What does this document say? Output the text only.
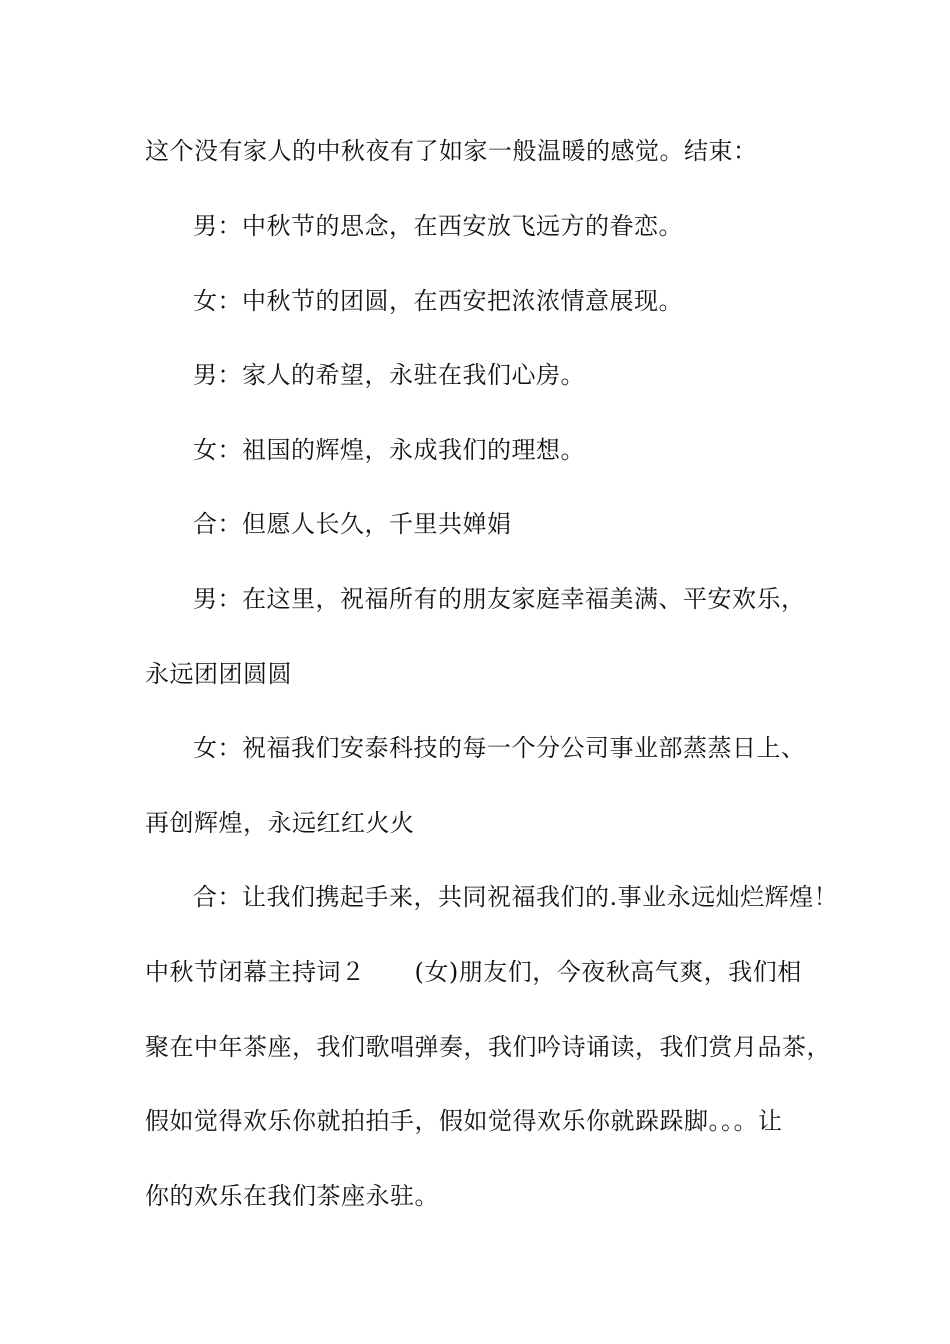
这个没有家人的中秋夜有了如家一般温暖的感觉。结束：
男：中秋节的思念，在西安放飞远方的眷恋。
女：中秋节的团圆，在西安把浓浓情意展现。
男：家人的希望，永驻在我们心房。
女：祖国的辉煌，永成我们的理想。
合：但愿人长久，千里共婵娟
男：在这里，祝福所有的朋友家庭幸福美满、平安欢乐，
永远团团圆圆
女：祝福我们安泰科技的每一个分公司事业部蒸蒸日上、
再创辉煌，永远红红火火
合：让我们携起手来，共同祝福我们的.事业永远灿烂辉煌！
中秋节闭幕主持词２　　(女)朋友们，今夜秋高气爽，我们相
聚在中年茶座，我们歌唱弹奏，我们吟诗诵读，我们赏月品茶，
假如觉得欢乐你就拍拍手，假如觉得欢乐你就跺跺脚。。。让
你的欢乐在我们茶座永驻。
